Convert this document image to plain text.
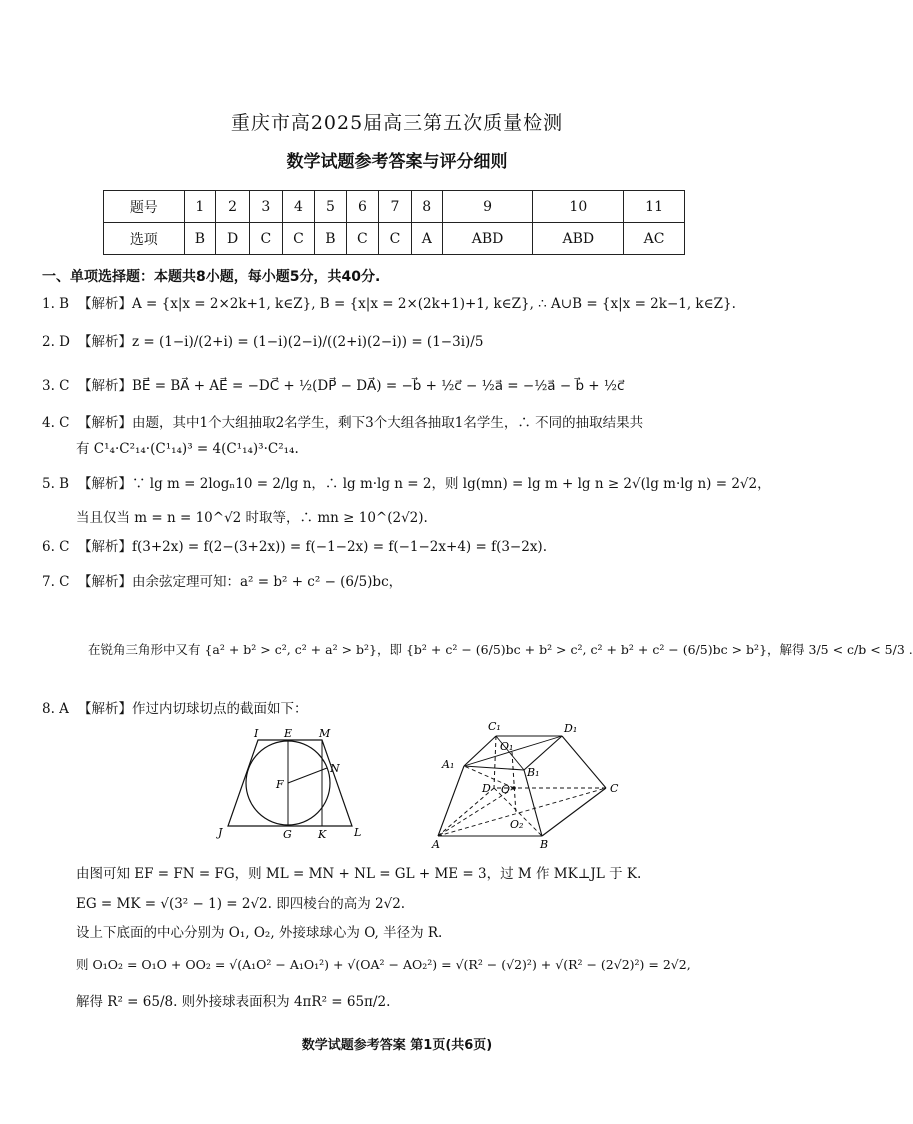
重庆市高2025届高三第五次质量检测
数学试题参考答案与评分细则
题号	1	2	3	4	5	6	7	8	9	10	11
选项	B	D	C	C	B	C	C	A	ABD	ABD	AC
一、单项选择题：本题共8小题，每小题5分，共40分.
1. B 【解析】A = {x|x = 2×2k+1, k∈Z}, B = {x|x = 2×(2k+1)+1, k∈Z}, ∴ A∪B = {x|x = 2k−1, k∈Z}.
2. D 【解析】z = (1−i)/(2+i) = (1−i)(2−i)/((2+i)(2−i)) = (1−3i)/5
3. C 【解析】BE⃗ = BA⃗ + AE⃗ = −DC⃗ + ½(DP⃗ − DA⃗) = −b⃗ + ½c⃗ − ½a⃗ = −½a⃗ − b⃗ + ½c⃗
4. C 【解析】由题，其中1个大组抽取2名学生，剩下3个大组各抽取1名学生，∴ 不同的抽取结果共
有 C¹₄·C²₁₄·(C¹₁₄)³ = 4(C¹₁₄)³·C²₁₄.
5. B 【解析】∵ lg m = 2logₙ10 = 2/lg n，∴ lg m·lg n = 2，则 lg(mn) = lg m + lg n ≥ 2√(lg m·lg n) = 2√2，
当且仅当 m = n = 10^√2 时取等，∴ mn ≥ 10^(2√2).
6. C 【解析】f(3+2x) = f(2−(3+2x)) = f(−1−2x) = f(−1−2x+4) = f(3−2x).
7. C 【解析】由余弦定理可知：a² = b² + c² − (6/5)bc，
在锐角三角形中又有 {a² + b² > c², c² + a² > b²}，即 {b² + c² − (6/5)bc + b² > c², c² + b² + c² − (6/5)bc > b²}，解得 3/5 < c/b < 5/3 .
8. A 【解析】作过内切球切点的截面如下：
I E M
F
N
J	G K	L
C₁	D₁
A₁
O₁
B₁
D O	C
O₂
A	B
由图可知 EF = FN = FG，则 ML = MN + NL = GL + ME = 3，过 M 作 MK⊥JL 于 K.
EG = MK = √(3² − 1) = 2√2. 即四棱台的高为 2√2.
设上下底面的中心分别为 O₁, O₂, 外接球球心为 O, 半径为 R.
则 O₁O₂ = O₁O + OO₂ = √(A₁O² − A₁O₁²) + √(OA² − AO₂²) = √(R² − (√2)²) + √(R² − (2√2)²) = 2√2,
解得 R² = 65/8. 则外接球表面积为 4πR² = 65π/2.
数学试题参考答案 第1页(共6页)
